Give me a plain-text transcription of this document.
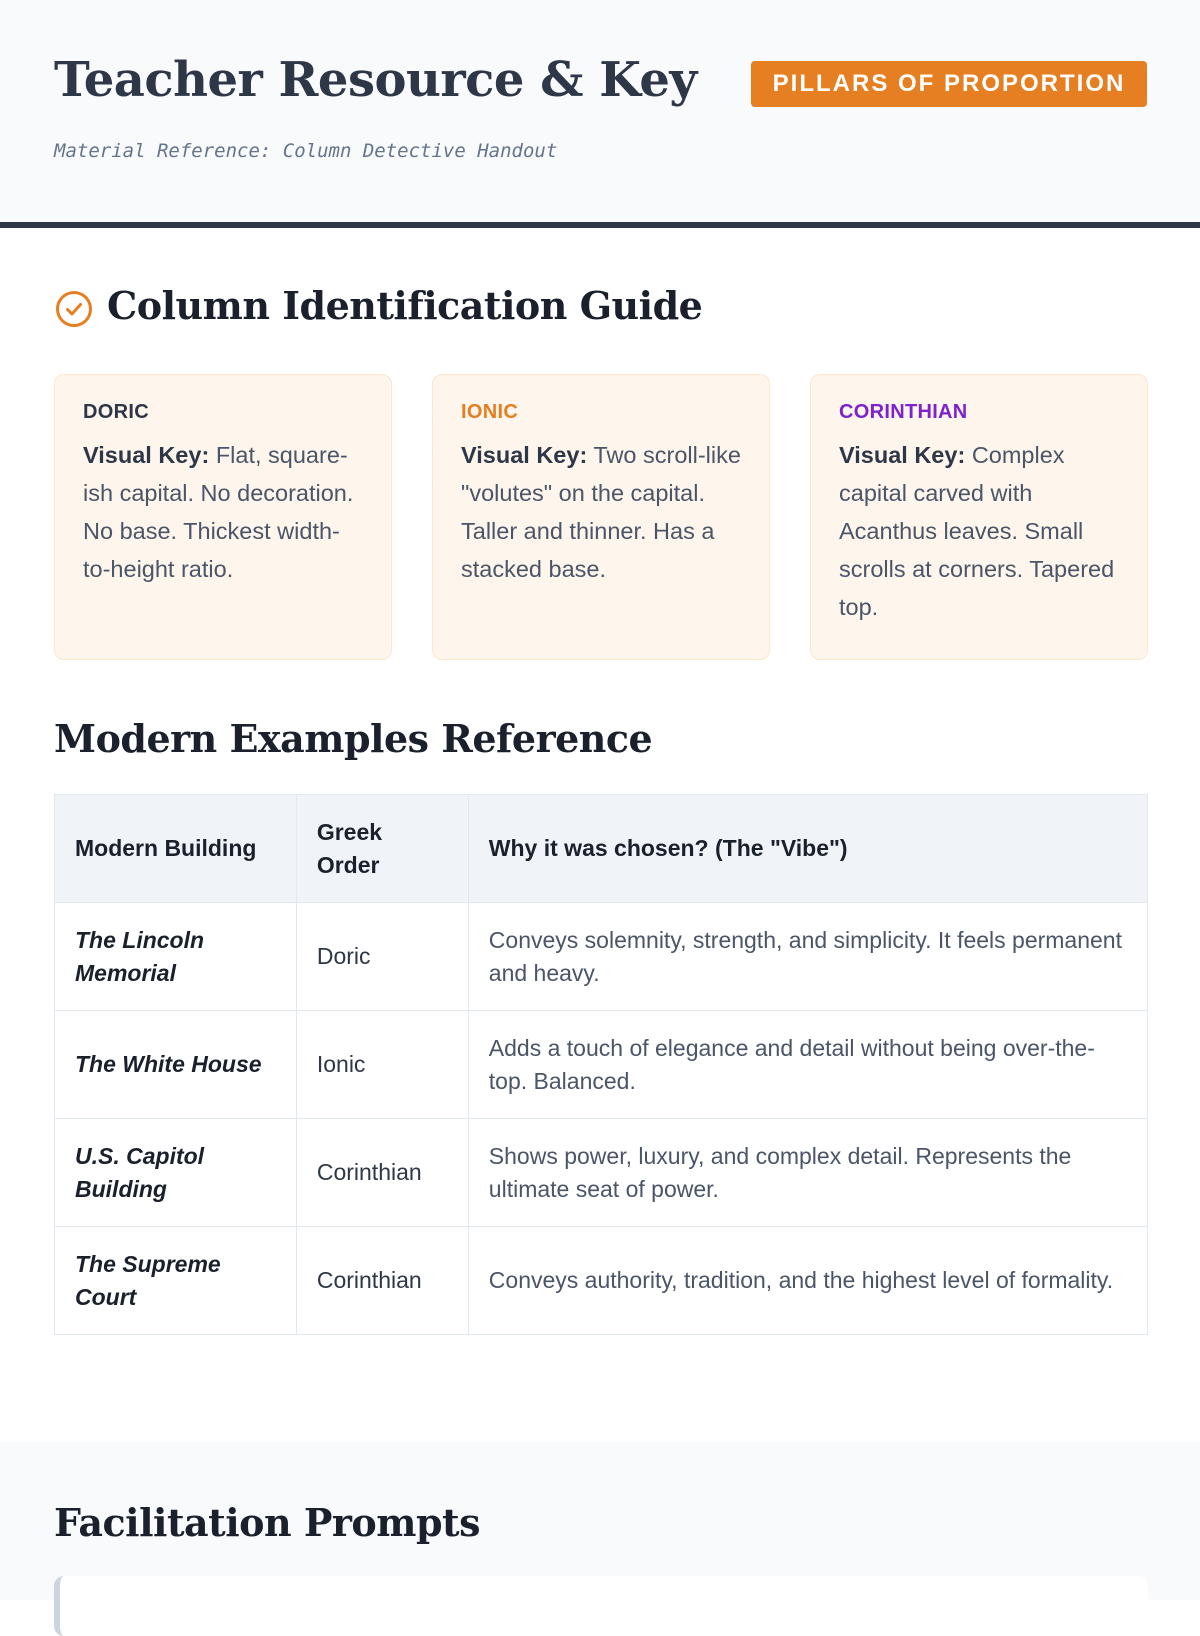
Teacher Resource & Key
Material Reference: Column Detective Handout
PILLARS OF PROPORTION
Column Identification Guide
DORIC

Visual Key: Flat, square-ish capital. No decoration. No base. Thickest width-to-height ratio.

IONIC

Visual Key: Two scroll-like "volutes" on the capital. Taller and thinner. Has a stacked base.

CORINTHIAN

Visual Key: Complex capital carved with Acanthus leaves. Small scrolls at corners. Tapered top.

Modern Examples Reference
Modern Building	Greek Order	Why it was chosen? (The "Vibe")
The Lincoln Memorial	Doric	Conveys solemnity, strength, and simplicity. It feels permanent and heavy.
The White House	Ionic	Adds a touch of elegance and detail without being over-the-top. Balanced.
U.S. Capitol Building	Corinthian	Shows power, luxury, and complex detail. Represents the ultimate seat of power.
The Supreme Court	Corinthian	Conveys authority, tradition, and the highest level of formality.
Facilitation Prompts
